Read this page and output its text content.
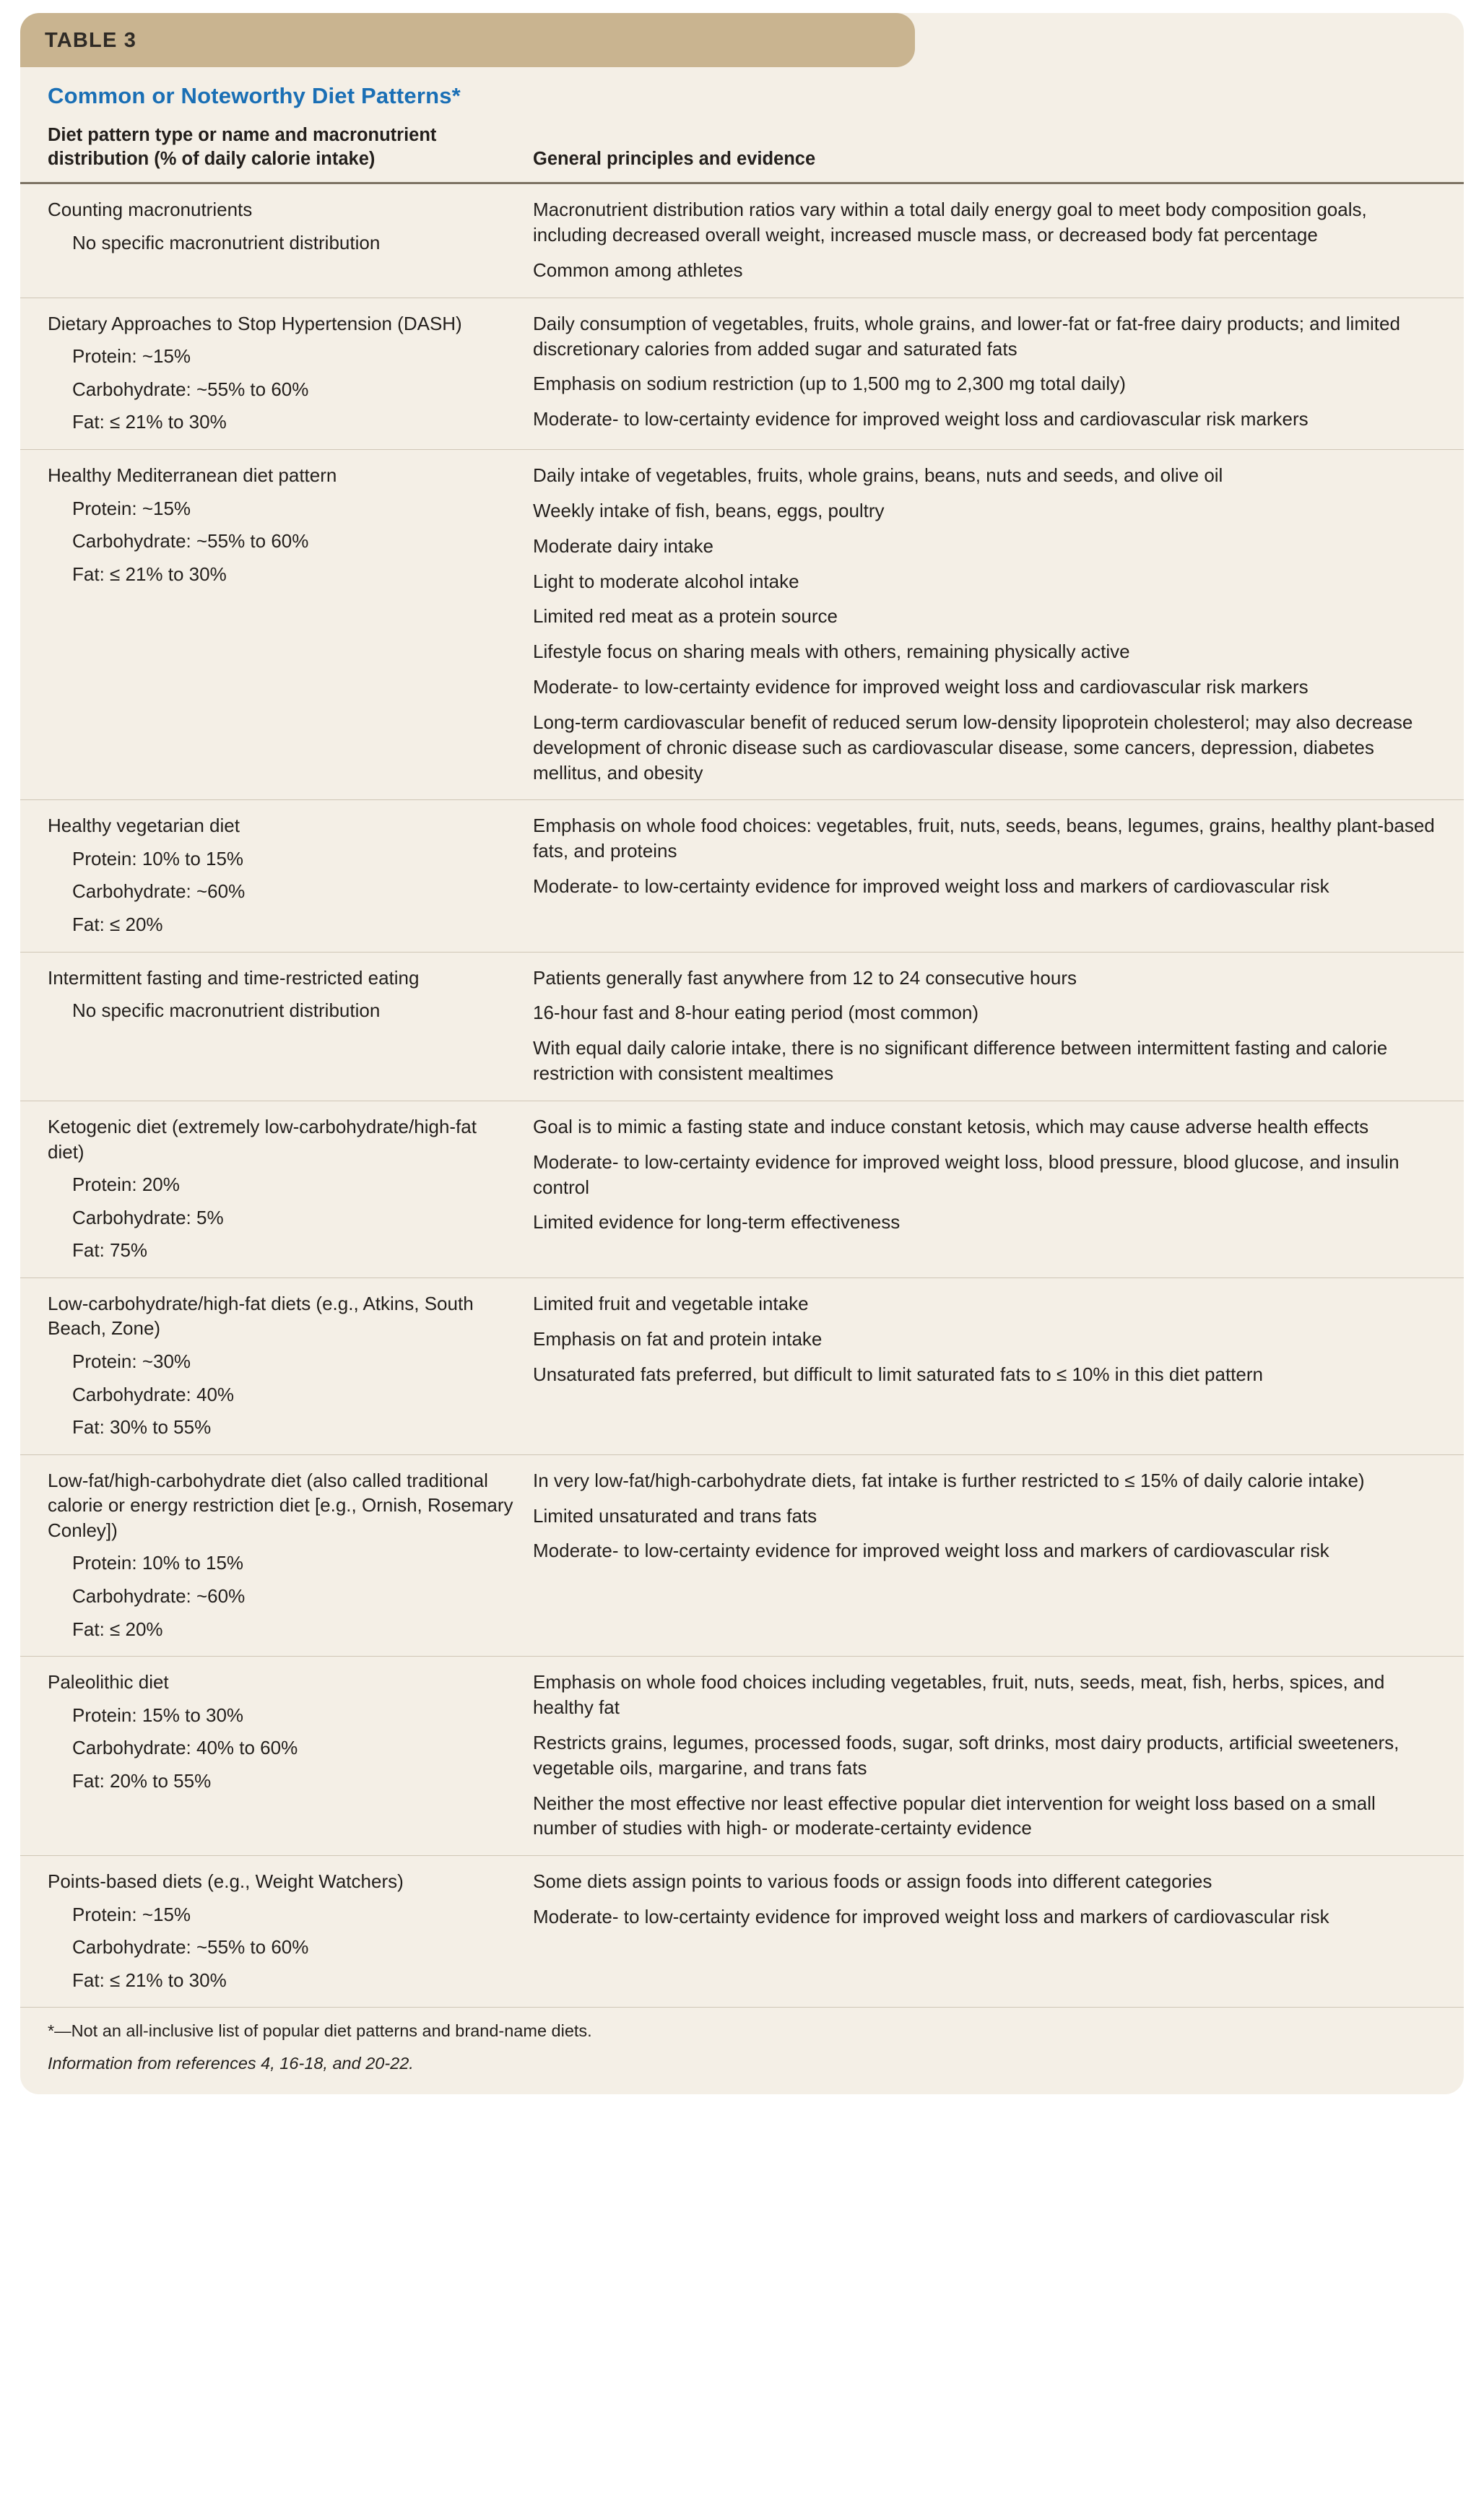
TABLE 3
Common or Noteworthy Diet Patterns*
Diet pattern type or name and macronutrient distribution (% of daily calorie intake)	General principles and evidence
Counting macronutrients
No specific macronutrient distribution
Macronutrient distribution ratios vary within a total daily energy goal to meet body composition goals, including decreased overall weight, increased muscle mass, or decreased body fat percentage
Common among athletes
Dietary Approaches to Stop Hypertension (DASH)
Protein: ~15%
Carbohydrate: ~55% to 60%
Fat: ≤ 21% to 30%
Daily consumption of vegetables, fruits, whole grains, and lower-fat or fat-free dairy products; and limited discretionary calories from added sugar and saturated fats
Emphasis on sodium restriction (up to 1,500 mg to 2,300 mg total daily)
Moderate- to low-certainty evidence for improved weight loss and cardiovascular risk markers
Healthy Mediterranean diet pattern
Protein: ~15%
Carbohydrate: ~55% to 60%
Fat: ≤ 21% to 30%
Daily intake of vegetables, fruits, whole grains, beans, nuts and seeds, and olive oil
Weekly intake of fish, beans, eggs, poultry
Moderate dairy intake
Light to moderate alcohol intake
Limited red meat as a protein source
Lifestyle focus on sharing meals with others, remaining physically active
Moderate- to low-certainty evidence for improved weight loss and cardiovascular risk markers
Long-term cardiovascular benefit of reduced serum low-density lipoprotein cholesterol; may also decrease development of chronic disease such as cardiovascular disease, some cancers, depression, diabetes mellitus, and obesity
Healthy vegetarian diet
Protein: 10% to 15%
Carbohydrate: ~60%
Fat: ≤ 20%
Emphasis on whole food choices: vegetables, fruit, nuts, seeds, beans, legumes, grains, healthy plant-based fats, and proteins
Moderate- to low-certainty evidence for improved weight loss and markers of cardiovascular risk
Intermittent fasting and time-restricted eating
No specific macronutrient distribution
Patients generally fast anywhere from 12 to 24 consecutive hours
16-hour fast and 8-hour eating period (most common)
With equal daily calorie intake, there is no significant difference between intermittent fasting and calorie restriction with consistent mealtimes
Ketogenic diet (extremely low-carbohydrate/high-fat diet)
Protein: 20%
Carbohydrate: 5%
Fat: 75%
Goal is to mimic a fasting state and induce constant ketosis, which may cause adverse health effects
Moderate- to low-certainty evidence for improved weight loss, blood pressure, blood glucose, and insulin control
Limited evidence for long-term effectiveness
Low-carbohydrate/high-fat diets (e.g., Atkins, South Beach, Zone)
Protein: ~30%
Carbohydrate: 40%
Fat: 30% to 55%
Limited fruit and vegetable intake
Emphasis on fat and protein intake
Unsaturated fats preferred, but difficult to limit saturated fats to ≤ 10% in this diet pattern
Low-fat/high-carbohydrate diet (also called traditional calorie or energy restriction diet [e.g., Ornish, Rosemary Conley])
Protein: 10% to 15%
Carbohydrate: ~60%
Fat: ≤ 20%
In very low-fat/high-carbohydrate diets, fat intake is further restricted to ≤ 15% of daily calorie intake)
Limited unsaturated and trans fats
Moderate- to low-certainty evidence for improved weight loss and markers of cardiovascular risk
Paleolithic diet
Protein: 15% to 30%
Carbohydrate: 40% to 60%
Fat: 20% to 55%
Emphasis on whole food choices including vegetables, fruit, nuts, seeds, meat, fish, herbs, spices, and healthy fat
Restricts grains, legumes, processed foods, sugar, soft drinks, most dairy products, artificial sweeteners, vegetable oils, margarine, and trans fats
Neither the most effective nor least effective popular diet intervention for weight loss based on a small number of studies with high- or moderate-certainty evidence
Points-based diets (e.g., Weight Watchers)
Protein: ~15%
Carbohydrate: ~55% to 60%
Fat: ≤ 21% to 30%
Some diets assign points to various foods or assign foods into different categories
Moderate- to low-certainty evidence for improved weight loss and markers of cardiovascular risk
*—Not an all-inclusive list of popular diet patterns and brand-name diets.
Information from references 4, 16-18, and 20-22.
